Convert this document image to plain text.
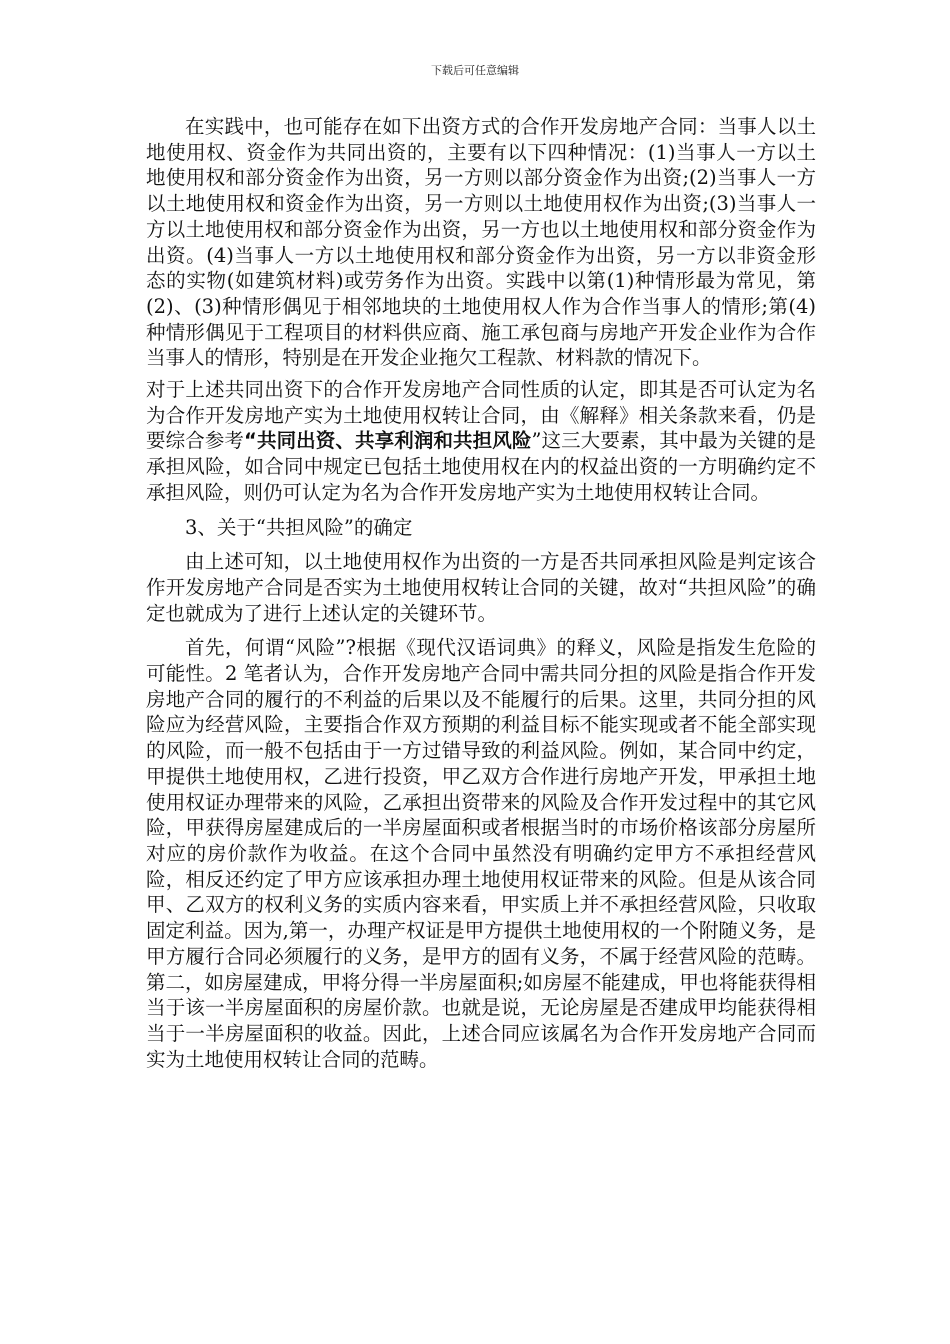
下载后可任意编辑

在实践中，也可能存在如下出资方式的合作开发房地产合同：当事人以土地使用权、资金作为共同出资的，主要有以下四种情况：(1)当事人一方以土地使用权和部分资金作为出资，另一方则以部分资金作为出资;(2)当事人一方以土地使用权和资金作为出资，另一方则以土地使用权作为出资;(3)当事人一方以土地使用权和部分资金作为出资，另一方也以土地使用权和部分资金作为出资。(4)当事人一方以土地使用权和部分资金作为出资，另一方以非资金形态的实物(如建筑材料)或劳务作为出资。实践中以第(1)种情形最为常见，第(2)、(3)种情形偶见于相邻地块的土地使用权人作为合作当事人的情形;第(4)种情形偶见于工程项目的材料供应商、施工承包商与房地产开发企业作为合作当事人的情形，特别是在开发企业拖欠工程款、材料款的情况下。

对于上述共同出资下的合作开发房地产合同性质的认定，即其是否可认定为名为合作开发房地产实为土地使用权转让合同，由《解释》相关条款来看，仍是要综合参考“共同出资、共享利润和共担风险”这三大要素，其中最为关键的是承担风险，如合同中规定已包括土地使用权在内的权益出资的一方明确约定不承担风险，则仍可认定为名为合作开发房地产实为土地使用权转让合同。

3、关于“共担风险”的确定

由上述可知，以土地使用权作为出资的一方是否共同承担风险是判定该合作开发房地产合同是否实为土地使用权转让合同的关键，故对“共担风险”的确定也就成为了进行上述认定的关键环节。

首先，何谓“风险”?根据《现代汉语词典》的释义，风险是指发生危险的可能性。2 笔者认为，合作开发房地产合同中需共同分担的风险是指合作开发房地产合同的履行的不利益的后果以及不能履行的后果。这里，共同分担的风险应为经营风险，主要指合作双方预期的利益目标不能实现或者不能全部实现的风险，而一般不包括由于一方过错导致的利益风险。例如，某合同中约定，甲提供土地使用权，乙进行投资，甲乙双方合作进行房地产开发，甲承担土地使用权证办理带来的风险，乙承担出资带来的风险及合作开发过程中的其它风险，甲获得房屋建成后的一半房屋面积或者根据当时的市场价格该部分房屋所对应的房价款作为收益。在这个合同中虽然没有明确约定甲方不承担经营风险，相反还约定了甲方应该承担办理土地使用权证带来的风险。但是从该合同甲、乙双方的权利义务的实质内容来看，甲实质上并不承担经营风险，只收取固定利益。因为,第一，办理产权证是甲方提供土地使用权的一个附随义务，是甲方履行合同必须履行的义务，是甲方的固有义务，不属于经营风险的范畴。第二，如房屋建成，甲将分得一半房屋面积;如房屋不能建成，甲也将能获得相当于该一半房屋面积的房屋价款。也就是说，无论房屋是否建成甲均能获得相当于一半房屋面积的收益。因此，上述合同应该属名为合作开发房地产合同而实为土地使用权转让合同的范畴。
